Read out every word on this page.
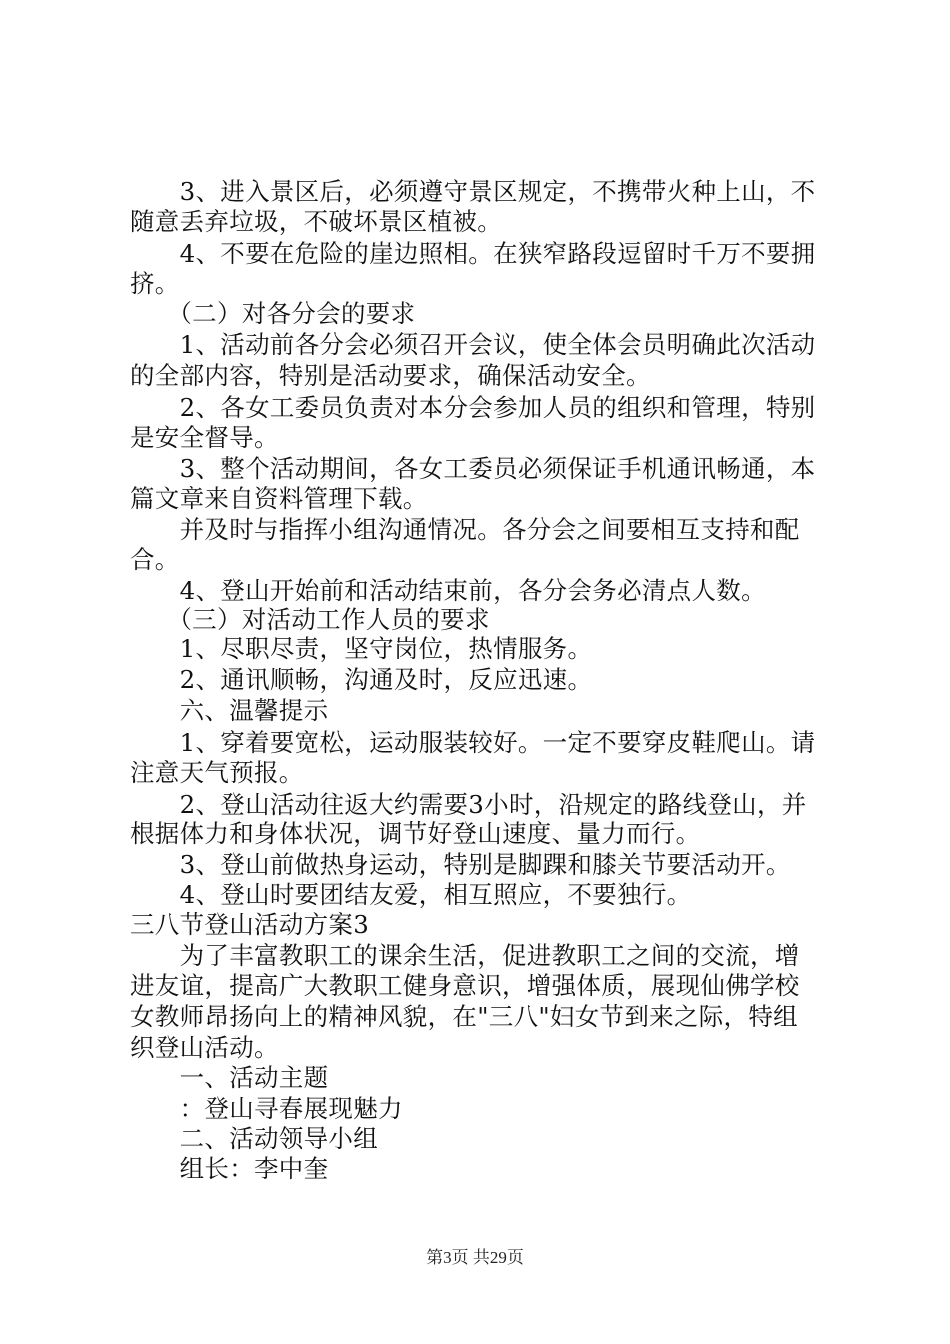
　　3、进入景区后，必须遵守景区规定，不携带火种上山，不
随意丢弃垃圾，不破坏景区植被。
　　4、不要在危险的崖边照相。在狭窄路段逗留时千万不要拥
挤。
　　（二）对各分会的要求
　　1、活动前各分会必须召开会议，使全体会员明确此次活动
的全部内容，特别是活动要求，确保活动安全。
　　2、各女工委员负责对本分会参加人员的组织和管理，特别
是安全督导。
　　3、整个活动期间，各女工委员必须保证手机通讯畅通，本
篇文章来自资料管理下载。
　　并及时与指挥小组沟通情况。各分会之间要相互支持和配
合。
　　4、登山开始前和活动结束前，各分会务必清点人数。
　　（三）对活动工作人员的要求
　　1、尽职尽责，坚守岗位，热情服务。
　　2、通讯顺畅，沟通及时，反应迅速。
　　六、温馨提示
　　1、穿着要宽松，运动服装较好。一定不要穿皮鞋爬山。请
注意天气预报。
　　2、登山活动往返大约需要3小时，沿规定的路线登山，并
根据体力和身体状况，调节好登山速度、量力而行。
　　3、登山前做热身运动，特别是脚踝和膝关节要活动开。
　　4、登山时要团结友爱，相互照应，不要独行。
三八节登山活动方案3
　　为了丰富教职工的课余生活，促进教职工之间的交流，增
进友谊，提高广大教职工健身意识，增强体质，展现仙佛学校
女教师昂扬向上的精神风貌，在"三八"妇女节到来之际，特组
织登山活动。
　　一、活动主题
　　：登山寻春展现魅力
　　二、活动领导小组
　　组长：李中奎
第3页 共29页
